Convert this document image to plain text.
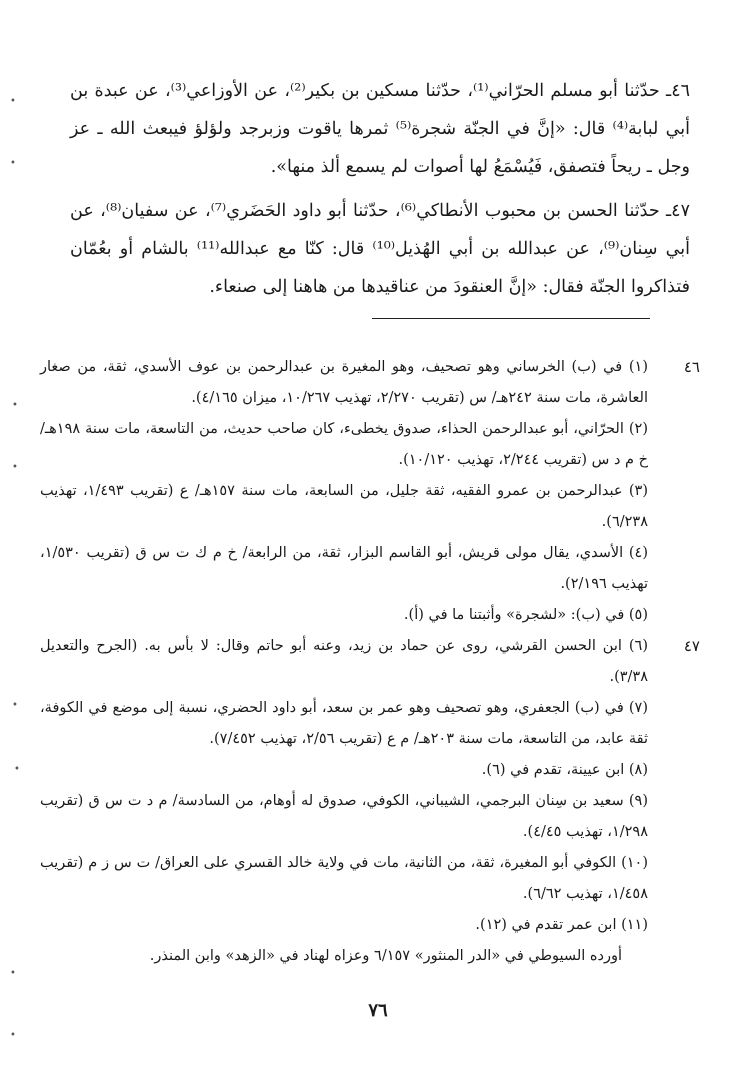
٤٦ـ حدّثنا أبو مسلم الحرّاني⁽¹⁾، حدّثنا مسكين بن بكير⁽²⁾، عن الأوزاعي⁽³⁾، عن عبدة بن أبي لبابة⁽⁴⁾ قال: «إنَّ في الجنّة شجرة⁽⁵⁾ ثمرها ياقوت وزبرجد ولؤلؤ فيبعث الله ـ عز وجل ـ ريحاً فتصفق، فَيُسْمَعُ لها أصوات لم يسمع ألذ منها».

٤٧ـ حدّثنا الحسن بن محبوب الأنطاكي⁽⁶⁾، حدّثنا أبو داود الحَضَري⁽⁷⁾، عن سفيان⁽⁸⁾، عن أبي سِنان⁽⁹⁾، عن عبدالله بن أبي الهُذيل⁽¹⁰⁾ قال: كنّا مع عبدالله⁽¹¹⁾ بالشام أو بعُمّان فتذاكروا الجنّة فقال: «إنَّ العنقودَ من عناقيدها من هاهنا إلى صنعاء.

٤٦

(١) في (ب) الخرساني وهو تصحيف، وهو المغيرة بن عبدالرحمن بن عوف الأسدي، ثقة، من صغار العاشرة، مات سنة ٢٤٢هـ/ س (تقريب ٢/٢٧٠، تهذيب ١٠/٢٦٧، ميزان ٤/١٦٥).

(٢) الحرّاني، أبو عبدالرحمن الحذاء، صدوق يخطىء، كان صاحب حديث، من التاسعة، مات سنة ١٩٨هـ/ خ م د س (تقريب ٢/٢٤٤، تهذيب ١٠/١٢٠).

(٣) عبدالرحمن بن عمرو الفقيه، ثقة جليل، من السابعة، مات سنة ١٥٧هـ/ ع (تقريب ١/٤٩٣، تهذيب ٦/٢٣٨).

(٤) الأسدي، يقال مولى قريش، أبو القاسم البزار، ثقة، من الرابعة/ خ م ك ت س ق (تقريب ١/٥٣٠، تهذيب ٢/١٩٦).

(٥) في (ب): «لشجرة» وأثبتنا ما في (أ).

٤٧

(٦) ابن الحسن القرشي، روى عن حماد بن زيد، وعنه أبو حاتم وقال: لا بأس به. (الجرح والتعديل ٣/٣٨).

(٧) في (ب) الجعفري، وهو تصحيف وهو عمر بن سعد، أبو داود الحضري، نسبة إلى موضع في الكوفة، ثقة عابد، من التاسعة، مات سنة ٢٠٣هـ/ م ع (تقريب ٢/٥٦، تهذيب ٧/٤٥٢).

(٨) ابن عيينة، تقدم في (٦).

(٩) سعيد بن سِنان البرجمي، الشيباني، الكوفي، صدوق له أوهام، من السادسة/ م د ت س ق (تقريب ١/٢٩٨، تهذيب ٤/٤٥).

(١٠) الكوفي أبو المغيرة، ثقة، من الثانية، مات في ولاية خالد القسري على العراق/ ت س ز م (تقريب ١/٤٥٨، تهذيب ٦/٦٢).

(١١) ابن عمر تقدم في (١٢).

أورده السيوطي في «الدر المنثور» ٦/١٥٧ وعزاه لهناد في «الزهد» وابن المنذر.

٧٦
•
•
•
•
•
•
•
•
